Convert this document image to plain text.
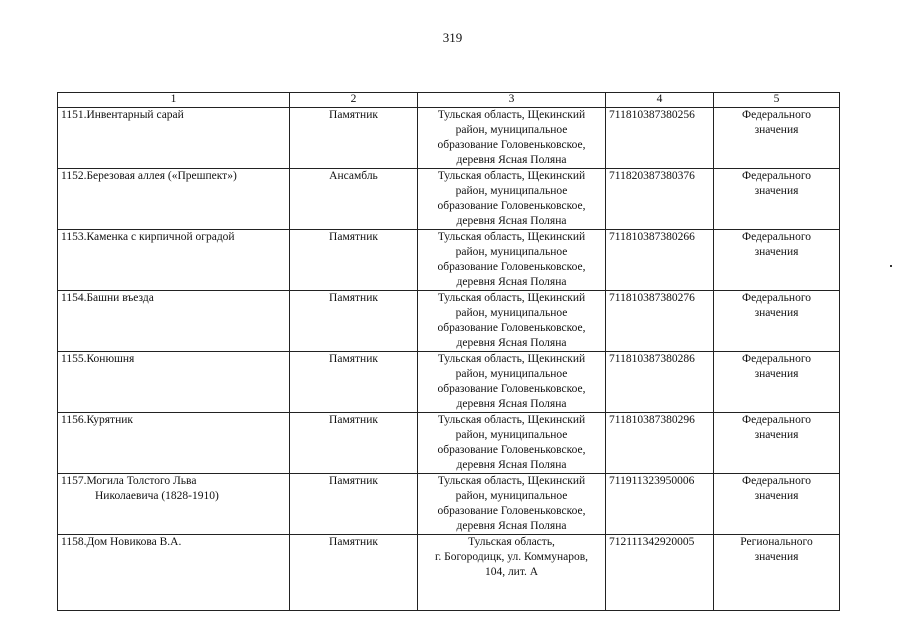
319
1	2	3	4	5

1151.Инвентарный сарай	Памятник	Тульская область, Щекинский
район, муниципальное
образование Головеньковское,
деревня Ясная Поляна	711810387380256	Федерального
значения

1152.Березовая аллея («Прешпект»)	Ансамбль	Тульская область, Щекинский
район, муниципальное
образование Головеньковское,
деревня Ясная Поляна	711820387380376	Федерального
значения

1153.Каменка с кирпичной оградой	Памятник	Тульская область, Щекинский
район, муниципальное
образование Головеньковское,
деревня Ясная Поляна	711810387380266	Федерального
значения

1154.Башни въезда	Памятник	Тульская область, Щекинский
район, муниципальное
образование Головеньковское,
деревня Ясная Поляна	711810387380276	Федерального
значения

1155.Конюшня	Памятник	Тульская область, Щекинский
район, муниципальное
образование Головеньковское,
деревня Ясная Поляна	711810387380286	Федерального
значения

1156.Курятник	Памятник	Тульская область, Щекинский
район, муниципальное
образование Головеньковское,
деревня Ясная Поляна	711810387380296	Федерального
значения

1157.Могила Толстого Льва
Николаевича (1828-1910)	Памятник	Тульская область, Щекинский
район, муниципальное
образование Головеньковское,
деревня Ясная Поляна	711911323950006	Федерального
значения

1158.Дом Новикова В.А.	Памятник	Тульская область,
г. Богородицк, ул. Коммунаров,
104, лит. А	712111342920005	Регионального
значения
